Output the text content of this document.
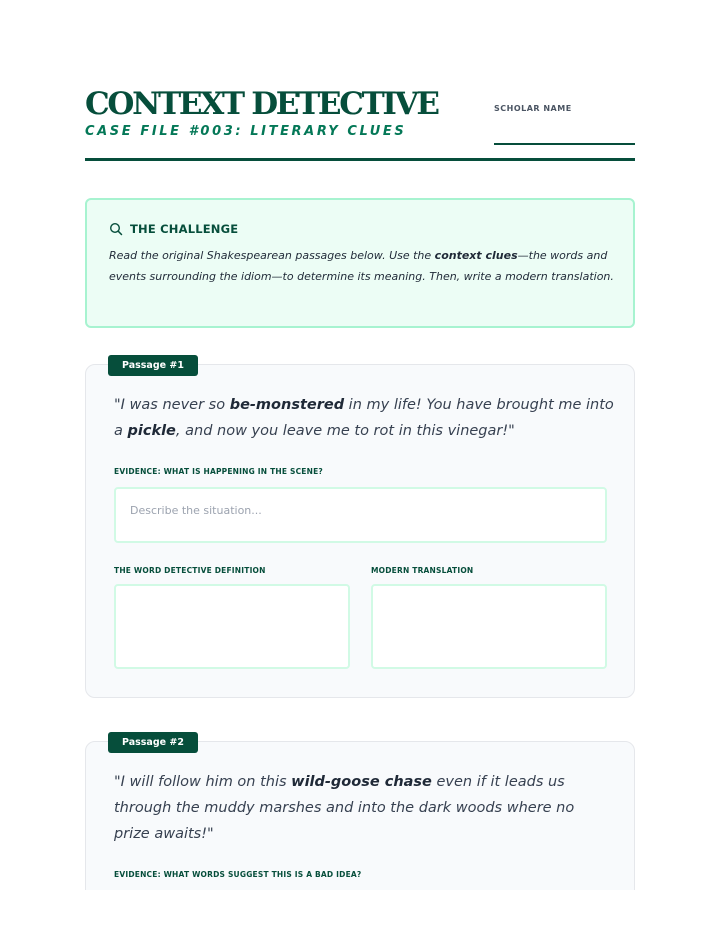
CONTEXT DETECTIVE
CASE FILE #003: LITERARY CLUES
SCHOLAR NAME
THE CHALLENGE
Read the original Shakespearean passages below. Use the context clues—the words and events surrounding the idiom—to determine its meaning. Then, write a modern translation.
Passage #1
"I was never so be-monstered in my life! You have brought me into a pickle, and now you leave me to rot in this vinegar!"
EVIDENCE: WHAT IS HAPPENING IN THE SCENE?
Describe the situation...
THE WORD DETECTIVE DEFINITION	MODERN TRANSLATION
Passage #2
"I will follow him on this wild-goose chase even if it leads us through the muddy marshes and into the dark woods where no prize awaits!"
EVIDENCE: WHAT WORDS SUGGEST THIS IS A BAD IDEA?
